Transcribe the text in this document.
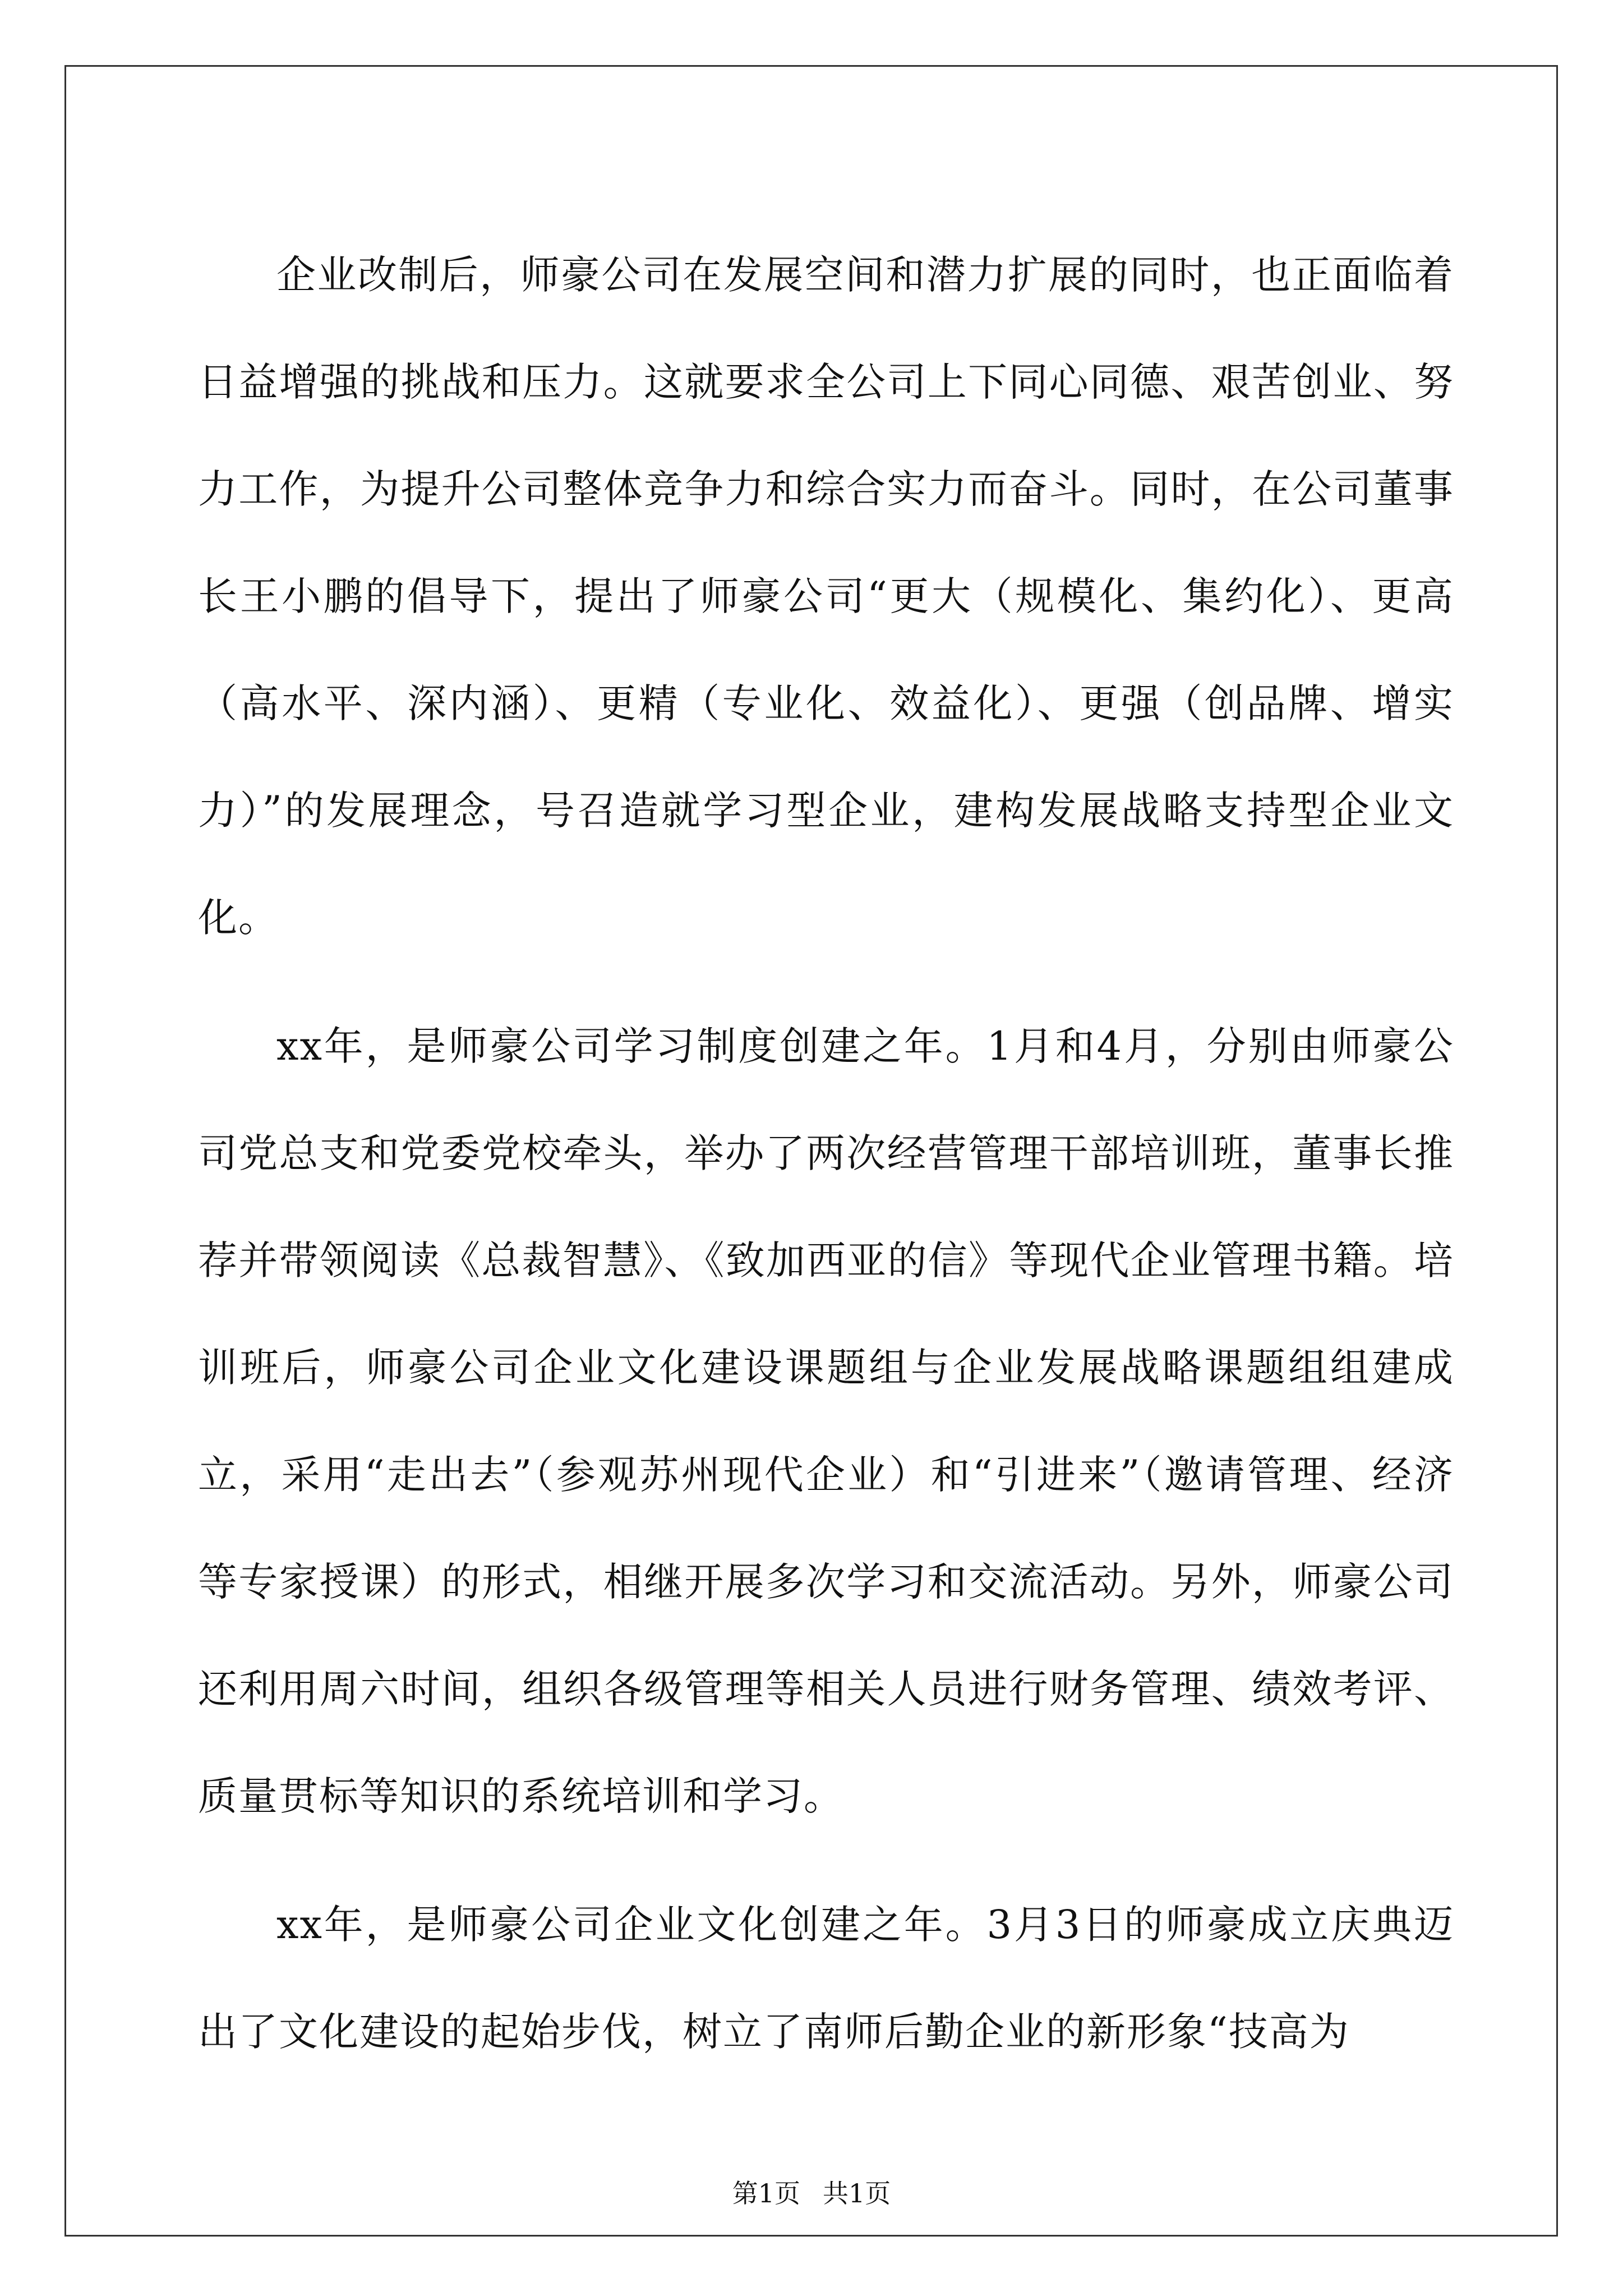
企业改制后，师豪公司在发展空间和潜力扩展的同时，也正面临着日益增强的挑战和压力。这就要求全公司上下同心同德、艰苦创业、努力工作，为提升公司整体竞争力和综合实力而奋斗。同时，在公司董事长王小鹏的倡导下，提出了师豪公司“更大（规模化、集约化）、更高（高水平、深内涵）、更精（专业化、效益化）、更强（创品牌、增实力）”的发展理念，号召造就学习型企业，建构发展战略支持型企业文化。

xx年，是师豪公司学习制度创建之年。1月和4月，分别由师豪公司党总支和党委党校牵头，举办了两次经营管理干部培训班，董事长推荐并带领阅读《总裁智慧》、《致加西亚的信》等现代企业管理书籍。培训班后，师豪公司企业文化建设课题组与企业发展战略课题组组建成立，采用“走出去”（参观苏州现代企业）和“引进来”（邀请管理、经济等专家授课）的形式，相继开展多次学习和交流活动。另外，师豪公司还利用周六时间，组织各级管理等相关人员进行财务管理、绩效考评、质量贯标等知识的系统培训和学习。

xx年，是师豪公司企业文化创建之年。3月3日的师豪成立庆典迈出了文化建设的起始步伐，树立了南师后勤企业的新形象“技高为

第1页 共1页
